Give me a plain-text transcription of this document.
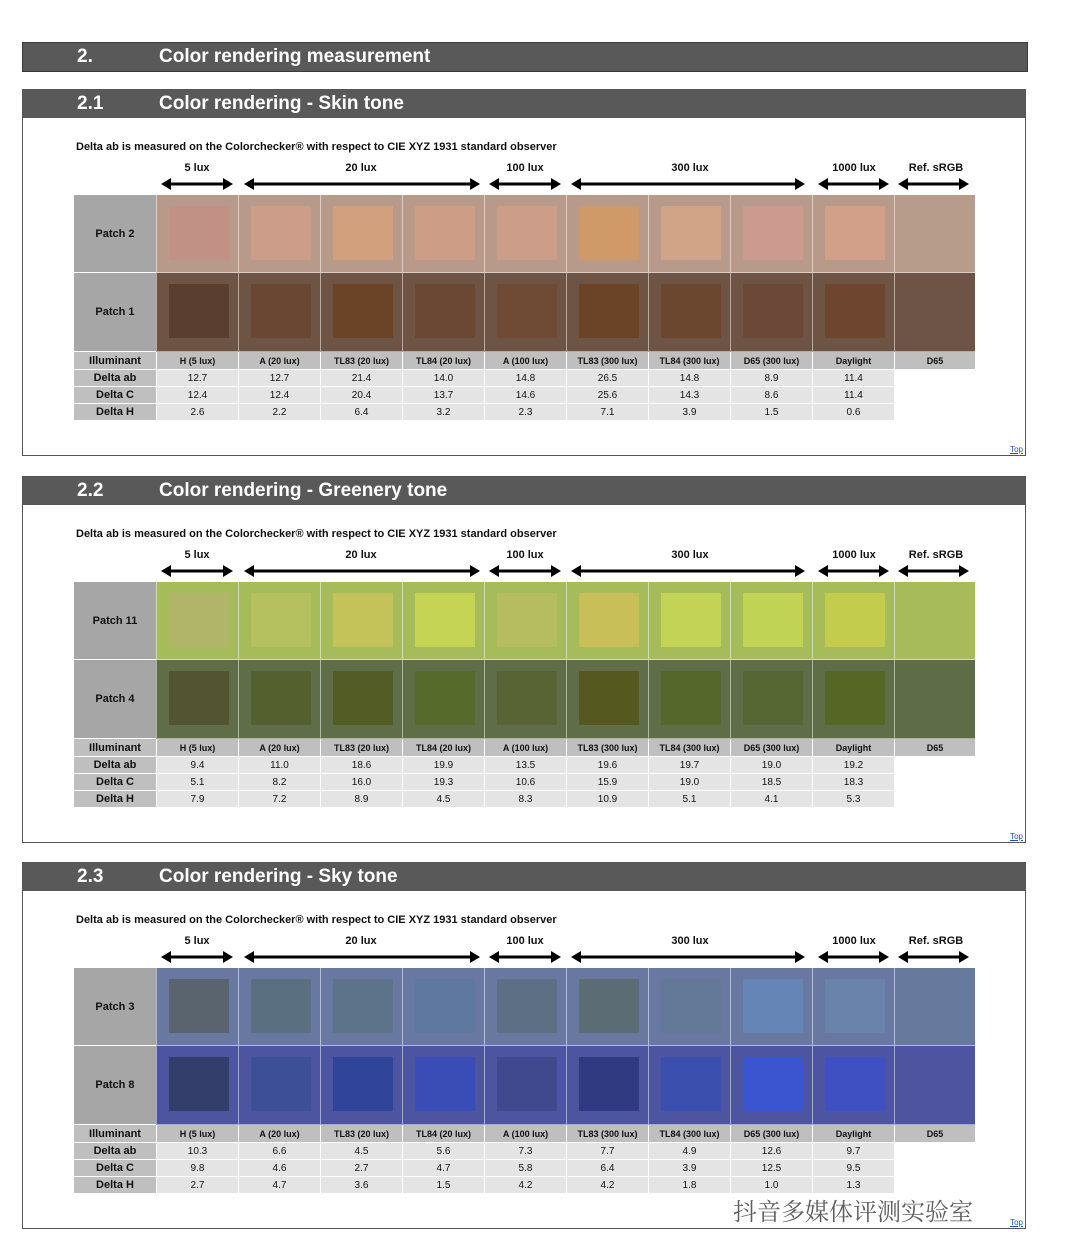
2.	Color rendering measurement
2.1	Color rendering - Skin tone
Delta ab is measured on the Colorchecker® with respect to CIE XYZ 1931 standard observer
5 lux	20 lux	100 lux	300 lux	1000 lux	Ref. sRGB
Patch 2
Patch 1
Illuminant	H (5 lux)	A (20 lux)	TL83 (20 lux)	TL84 (20 lux)	A (100 lux)	TL83 (300 lux)	TL84 (300 lux)	D65 (300 lux)	Daylight	D65
Delta ab	12.7	12.7	21.4	14.0	14.8	26.5	14.8	8.9	11.4
Delta C	12.4	12.4	20.4	13.7	14.6	25.6	14.3	8.6	11.4
Delta H	2.6	2.2	6.4	3.2	2.3	7.1	3.9	1.5	0.6
Top
2.2	Color rendering - Greenery tone
Delta ab is measured on the Colorchecker® with respect to CIE XYZ 1931 standard observer
5 lux	20 lux	100 lux	300 lux	1000 lux	Ref. sRGB
Patch 11
Patch 4
Illuminant	H (5 lux)	A (20 lux)	TL83 (20 lux)	TL84 (20 lux)	A (100 lux)	TL83 (300 lux)	TL84 (300 lux)	D65 (300 lux)	Daylight	D65
Delta ab	9.4	11.0	18.6	19.9	13.5	19.6	19.7	19.0	19.2
Delta C	5.1	8.2	16.0	19.3	10.6	15.9	19.0	18.5	18.3
Delta H	7.9	7.2	8.9	4.5	8.3	10.9	5.1	4.1	5.3
Top
2.3	Color rendering - Sky tone
Delta ab is measured on the Colorchecker® with respect to CIE XYZ 1931 standard observer
5 lux	20 lux	100 lux	300 lux	1000 lux	Ref. sRGB
Patch 3
Patch 8
Illuminant	H (5 lux)	A (20 lux)	TL83 (20 lux)	TL84 (20 lux)	A (100 lux)	TL83 (300 lux)	TL84 (300 lux)	D65 (300 lux)	Daylight	D65
Delta ab	10.3	6.6	4.5	5.6	7.3	7.7	4.9	12.6	9.7
Delta C	9.8	4.6	2.7	4.7	5.8	6.4	3.9	12.5	9.5
Delta H	2.7	4.7	3.6	1.5	4.2	4.2	1.8	1.0	1.3
Top
抖音多媒体评测实验室
